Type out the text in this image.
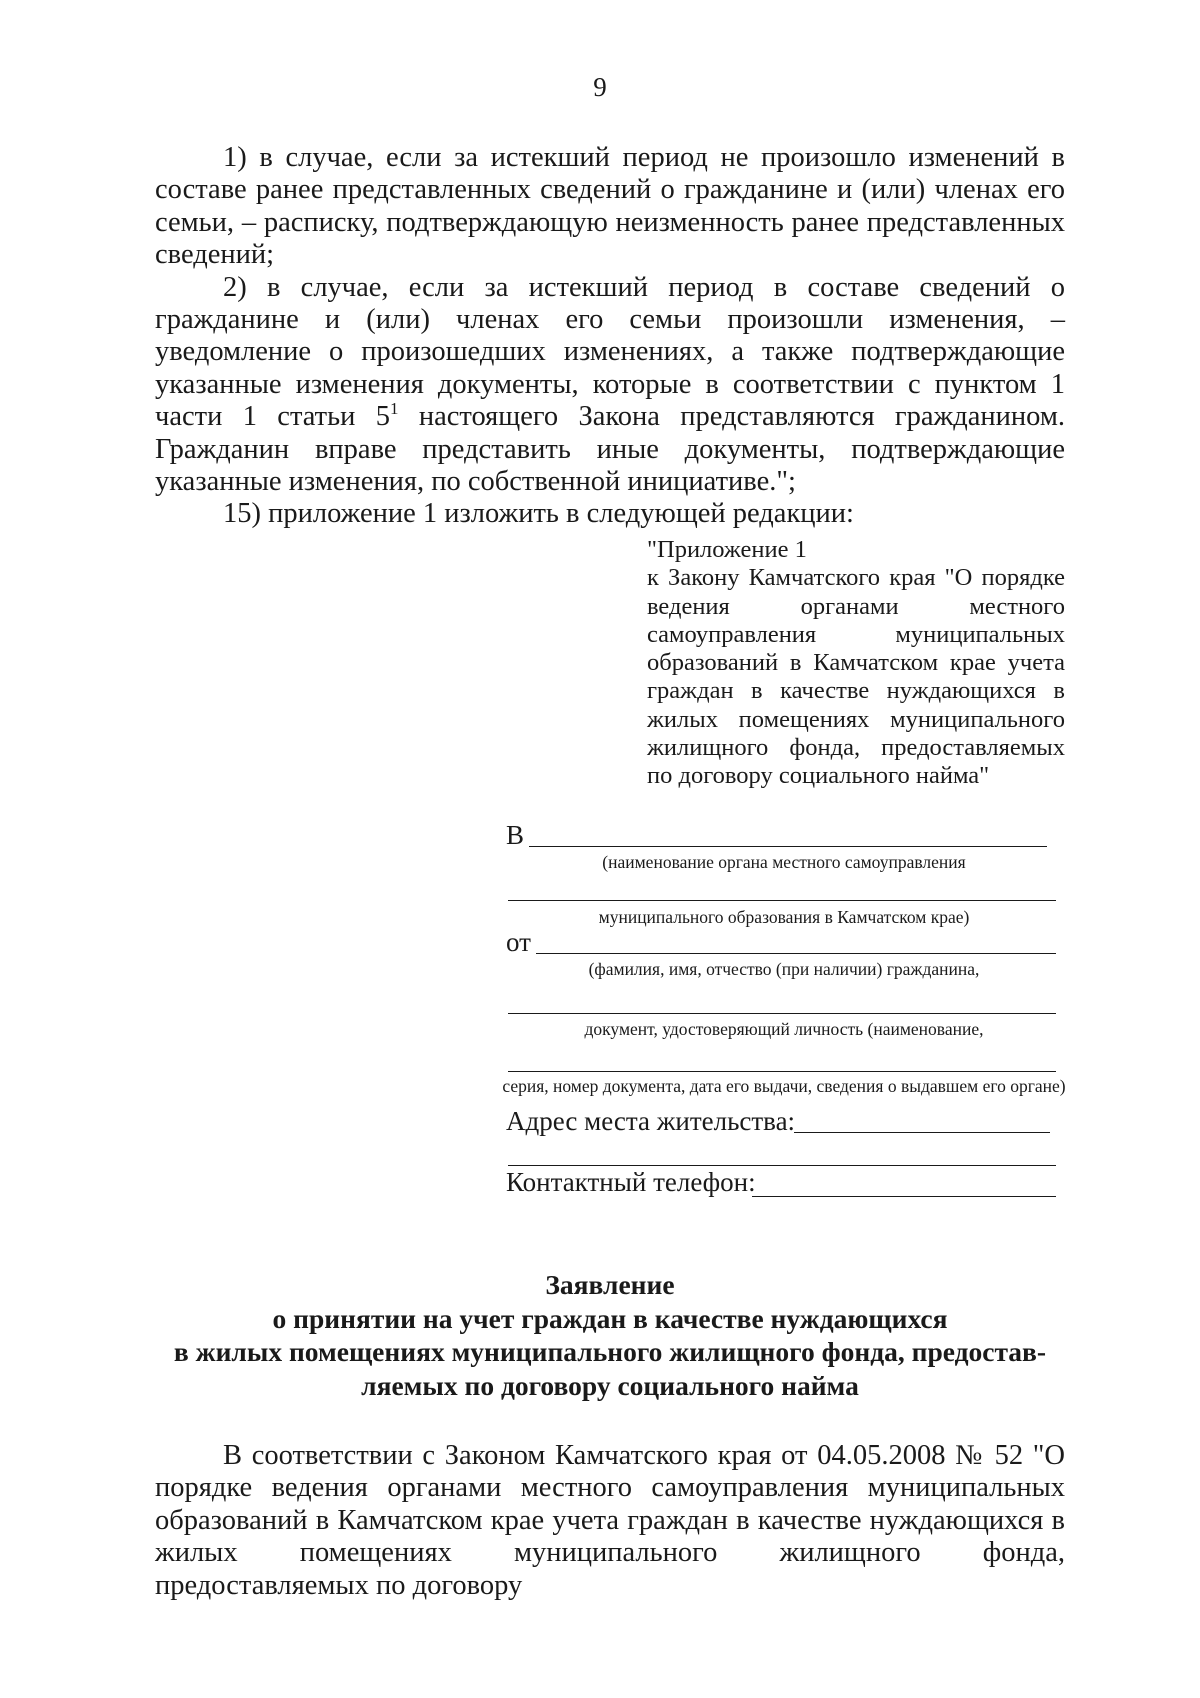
9

1) в случае, если за истекший период не произошло изменений в составе ранее представленных сведений о гражданине и (или) членах его семьи, – расписку, подтверждающую неизменность ранее представленных сведений;

2) в случае, если за истекший период в составе сведений о гражданине и (или) членах его семьи произошли изменения, – уведомление о произошедших изменениях, а также подтверждающие указанные изменения документы, которые в соответствии с пунктом 1 части 1 статьи $5^1$ настоящего Закона представляются гражданином. Гражданин вправе представить иные документы, подтверждающие указанные изменения, по собственной инициативе.";

15) приложение 1 изложить в следующей редакции:

"Приложение 1
к Закону Камчатского края "О порядке ведения органами местного самоуправления муниципальных образований в Камчатском крае учета граждан в качестве нуждающихся в жилых помещениях муниципального жилищного фонда, предоставляемых по договору социального найма"
В
(наименование органа местного самоуправления
муниципального образования в Камчатском крае)
от
(фамилия, имя, отчество (при наличии) гражданина,
документ, удостоверяющий личность (наименование,
серия, номер документа, дата его выдачи, сведения о выдавшем его органе)
Адрес места жительства:
Контактный телефон:
Заявление
о принятии на учет граждан в качестве нуждающихся
в жилых помещениях муниципального жилищного фонда, предостав-
ляемых по договору социального найма

В соответствии с Законом Камчатского края от 04.05.2008 № 52 "О порядке ведения органами местного самоуправления муниципальных образований в Камчатском крае учета граждан в качестве нуждающихся в жилых помещениях муниципального жилищного фонда, предоставляемых по договору
